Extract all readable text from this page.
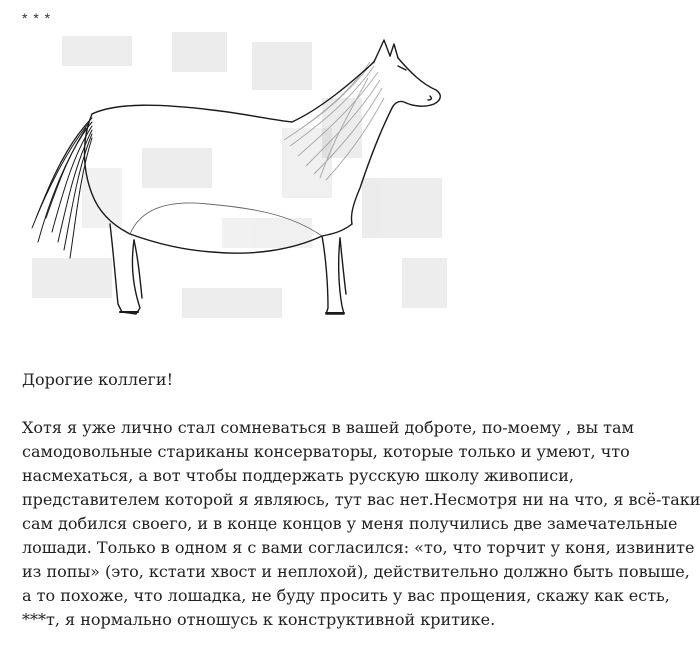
* * *

Дорогие коллеги!

Хотя я уже лично стал сомневаться в вашей доброте, по-моему , вы там
самодовольные стариканы консерваторы, которые только и умеют, что
насмехаться, а вот чтобы поддержать русскую школу живописи,
представителем которой я являюсь, тут вас нет.Несмотря ни на что, я всё-таки
сам добился своего, и в конце концов у меня получились две замечательные
лошади. Только в одном я с вами согласился: «то, что торчит у коня, извините
из попы» (это, кстати хвост и неплохой), действительно должно быть повыше,
а то похоже, что лошадка, не буду просить у вас прощения, скажу как есть,
***т, я нормально отношусь к конструктивной критике.
